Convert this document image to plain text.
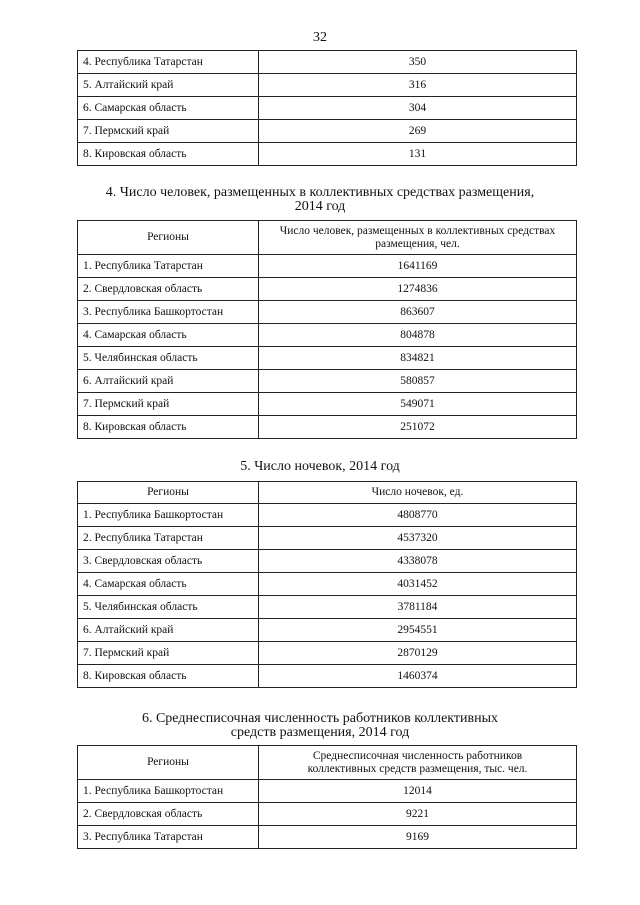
32
4. Республика Татарстан	350
5. Алтайский край	316
6. Самарская область	304
7. Пермский край	269
8. Кировская область	131
4. Число человек, размещенных в коллективных средствах размещения,
2014 год
Регионы	Число человек, размещенных в коллективных средствах
размещения, чел.

1. Республика Татарстан	1641169
2. Свердловская область	1274836
3. Республика Башкортостан	863607
4. Самарская область	804878
5. Челябинская область	834821
6. Алтайский край	580857
7. Пермский край	549071
8. Кировская область	251072
5. Число ночевок, 2014 год
Регионы	Число ночевок, ед.
1. Республика Башкортостан	4808770
2. Республика Татарстан	4537320
3. Свердловская область	4338078
4. Самарская область	4031452
5. Челябинская область	3781184
6. Алтайский край	2954551
7. Пермский край	2870129
8. Кировская область	1460374
6. Среднесписочная численность работников коллективных
средств размещения, 2014 год
Регионы	Среднесписочная численность работников
коллективных средств размещения, тыс. чел.

1. Республика Башкортостан	12014
2. Свердловская область	9221
3. Республика Татарстан	9169
